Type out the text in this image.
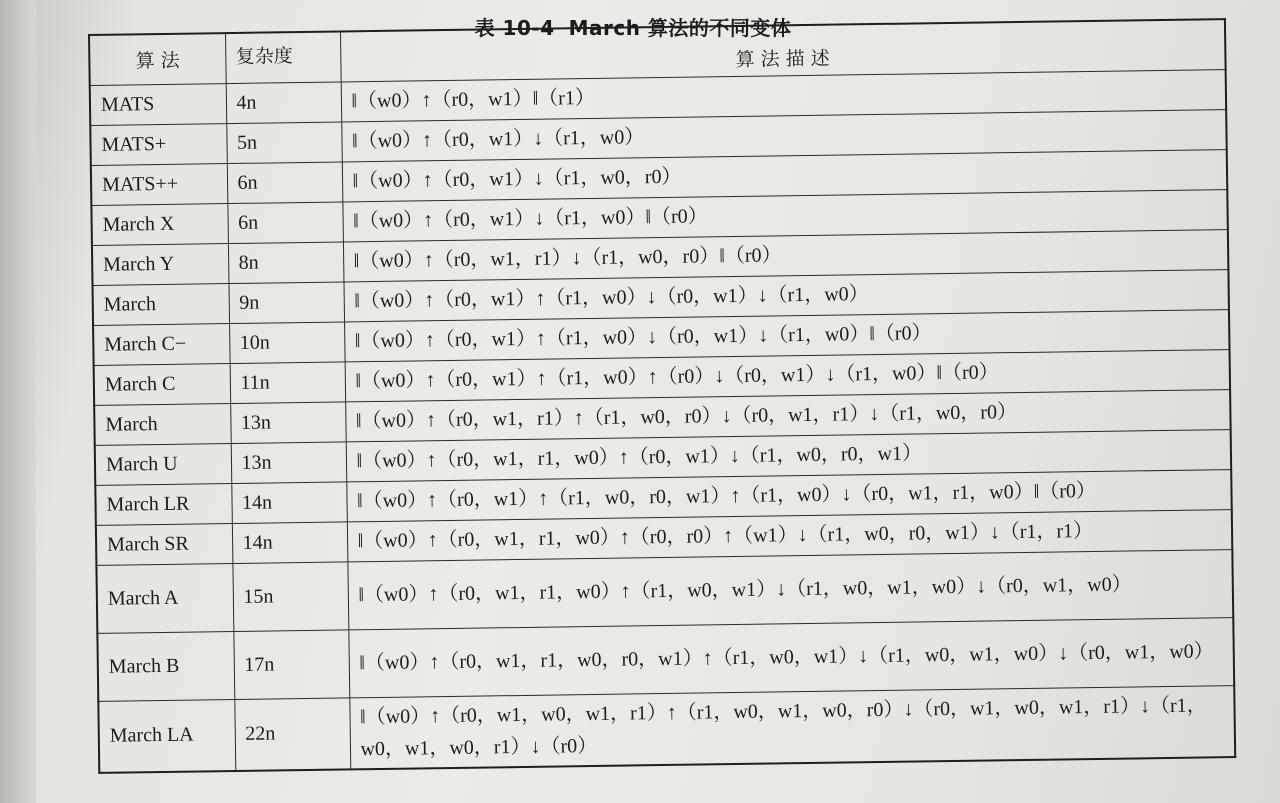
表 10-4 March 算法的不同变体
算 法	复杂度	算 法 描 述
MATS	4n	‖（w0）↑（r0，w1）‖（r1）
MATS+	5n	‖（w0）↑（r0，w1）↓（r1，w0）
MATS++	6n	‖（w0）↑（r0，w1）↓（r1，w0，r0）
March X	6n	‖（w0）↑（r0，w1）↓（r1，w0）‖（r0）
March Y	8n	‖（w0）↑（r0，w1，r1）↓（r1，w0，r0）‖（r0）
March	9n	‖（w0）↑（r0，w1）↑（r1，w0）↓（r0，w1）↓（r1，w0）
March C−	10n	‖（w0）↑（r0，w1）↑（r1，w0）↓（r0，w1）↓（r1，w0）‖（r0）
March C	11n	‖（w0）↑（r0，w1）↑（r1，w0）↑（r0）↓（r0，w1）↓（r1，w0）‖（r0）
March	13n	‖（w0）↑（r0，w1，r1）↑（r1，w0，r0）↓（r0，w1，r1）↓（r1，w0，r0）
March U	13n	‖（w0）↑（r0，w1，r1，w0）↑（r0，w1）↓（r1，w0，r0，w1）
March LR	14n	‖（w0）↑（r0，w1）↑（r1，w0，r0，w1）↑（r1，w0）↓（r0，w1，r1，w0）‖（r0）
March SR	14n	‖（w0）↑（r0，w1，r1，w0）↑（r0，r0）↑（w1）↓（r1，w0，r0，w1）↓（r1，r1）
March A	15n	‖（w0）↑（r0，w1，r1，w0）↑（r1，w0，w1）↓（r1，w0，w1，w0）↓（r0，w1，w0）
March B	17n	‖（w0）↑（r0，w1，r1，w0，r0，w1）↑（r1，w0，w1）↓（r1，w0，w1，w0）↓（r0，w1，w0）
March LA	22n	‖（w0）↑（r0，w1，w0，w1，r1）↑（r1，w0，w1，w0，r0）↓（r0，w1，w0，w1，r1）↓（r1，w0，w1，w0，r1）↓（r0）
